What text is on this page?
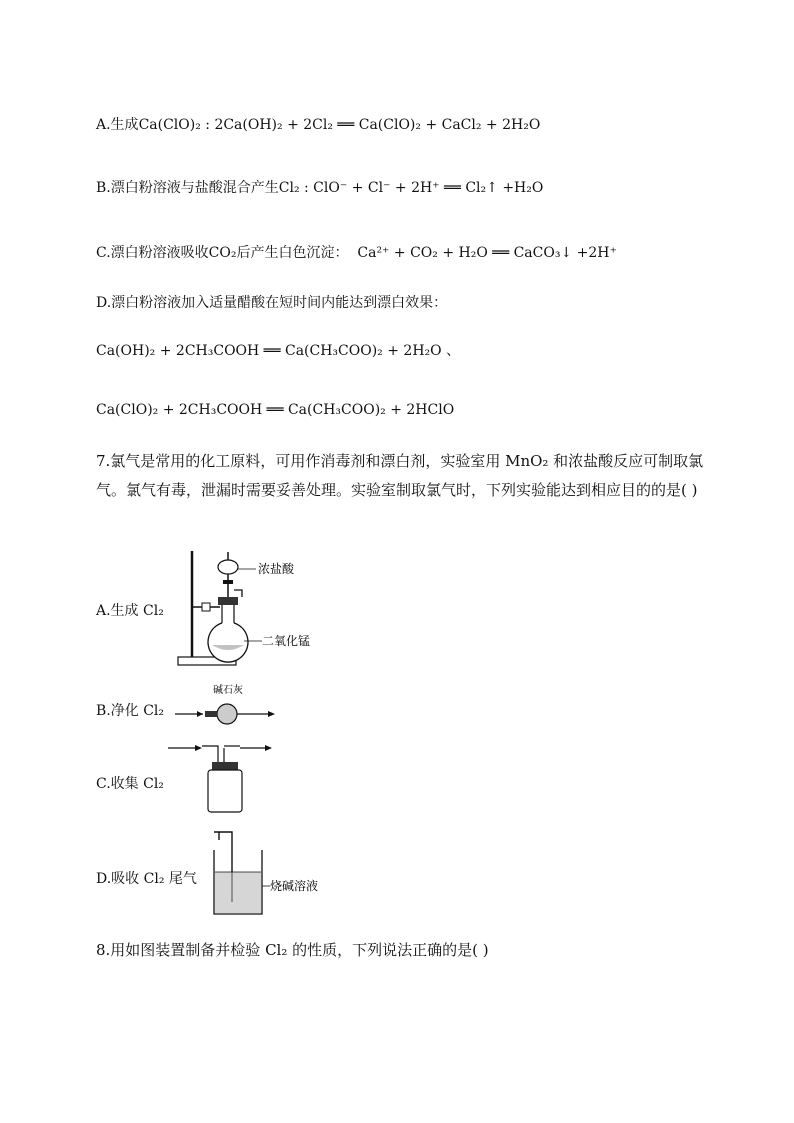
A.生成Ca(ClO)₂ : 2Ca(OH)₂ + 2Cl₂ ══ Ca(ClO)₂ + CaCl₂ + 2H₂O
B.漂白粉溶液与盐酸混合产生Cl₂ : ClO⁻ + Cl⁻ + 2H⁺ ══ Cl₂↑ +H₂O
C.漂白粉溶液吸收CO₂后产生白色沉淀： Ca²⁺ + CO₂ + H₂O ══ CaCO₃↓ +2H⁺
D.漂白粉溶液加入适量醋酸在短时间内能达到漂白效果：
Ca(OH)₂ + 2CH₃COOH ══ Ca(CH₃COO)₂ + 2H₂O 、
Ca(ClO)₂ + 2CH₃COOH ══ Ca(CH₃COO)₂ + 2HClO
7.氯气是常用的化工原料，可用作消毒剂和漂白剂，实验室用 MnO₂ 和浓盐酸反应可制取氯气。氯气有毒，泄漏时需要妥善处理。实验室制取氯气时，下列实验能达到相应目的的是( )
A.生成 Cl₂
浓盐酸
二氧化锰
B.净化 Cl₂
碱石灰
C.收集 Cl₂
D.吸收 Cl₂ 尾气	烧碱溶液
8.用如图装置制备并检验 Cl₂ 的性质，下列说法正确的是( )
